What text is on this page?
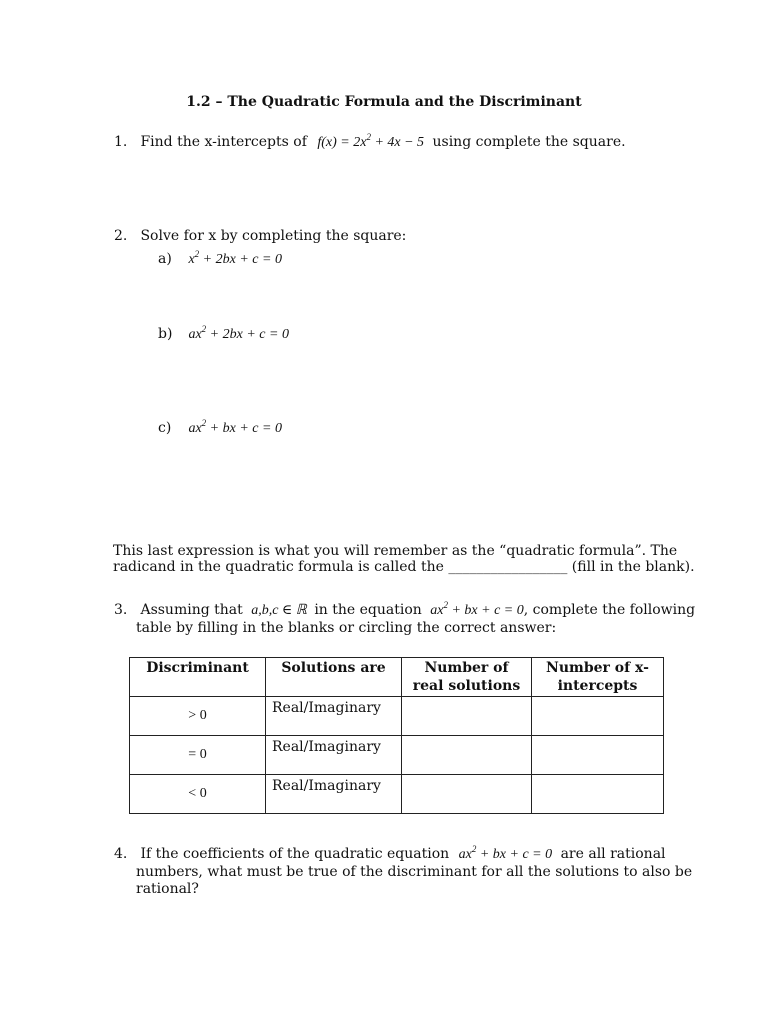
1.2 – The Quadratic Formula and the Discriminant
1. Find the x-intercepts of $f(x) = 2x^2 + 4x - 5$ using complete the square.
2. Solve for x by completing the square:
a) $x^2 + 2bx + c = 0$
b) $ax^2 + 2bx + c = 0$
c) $ax^2$ + bx + c = 0
This last expression is what you will remember as the “quadratic formula”. The
radicand in the quadratic formula is called the _________________ (fill in the blank).
3. Assuming that a,b,c ∈ ℝ in the equation $ax^2$ + bx + c = 0, complete the following
table by filling in the blanks or circling the correct answer:
Discriminant	Solutions are	Number of real solutions	Number of x-intercepts
> 0	Real/Imaginary		
= 0	Real/Imaginary		
< 0	Real/Imaginary		
4. If the coefficients of the quadratic equation $ax^2$ + bx + c = 0 are all rational
numbers, what must be true of the discriminant for all the solutions to also be
rational?
